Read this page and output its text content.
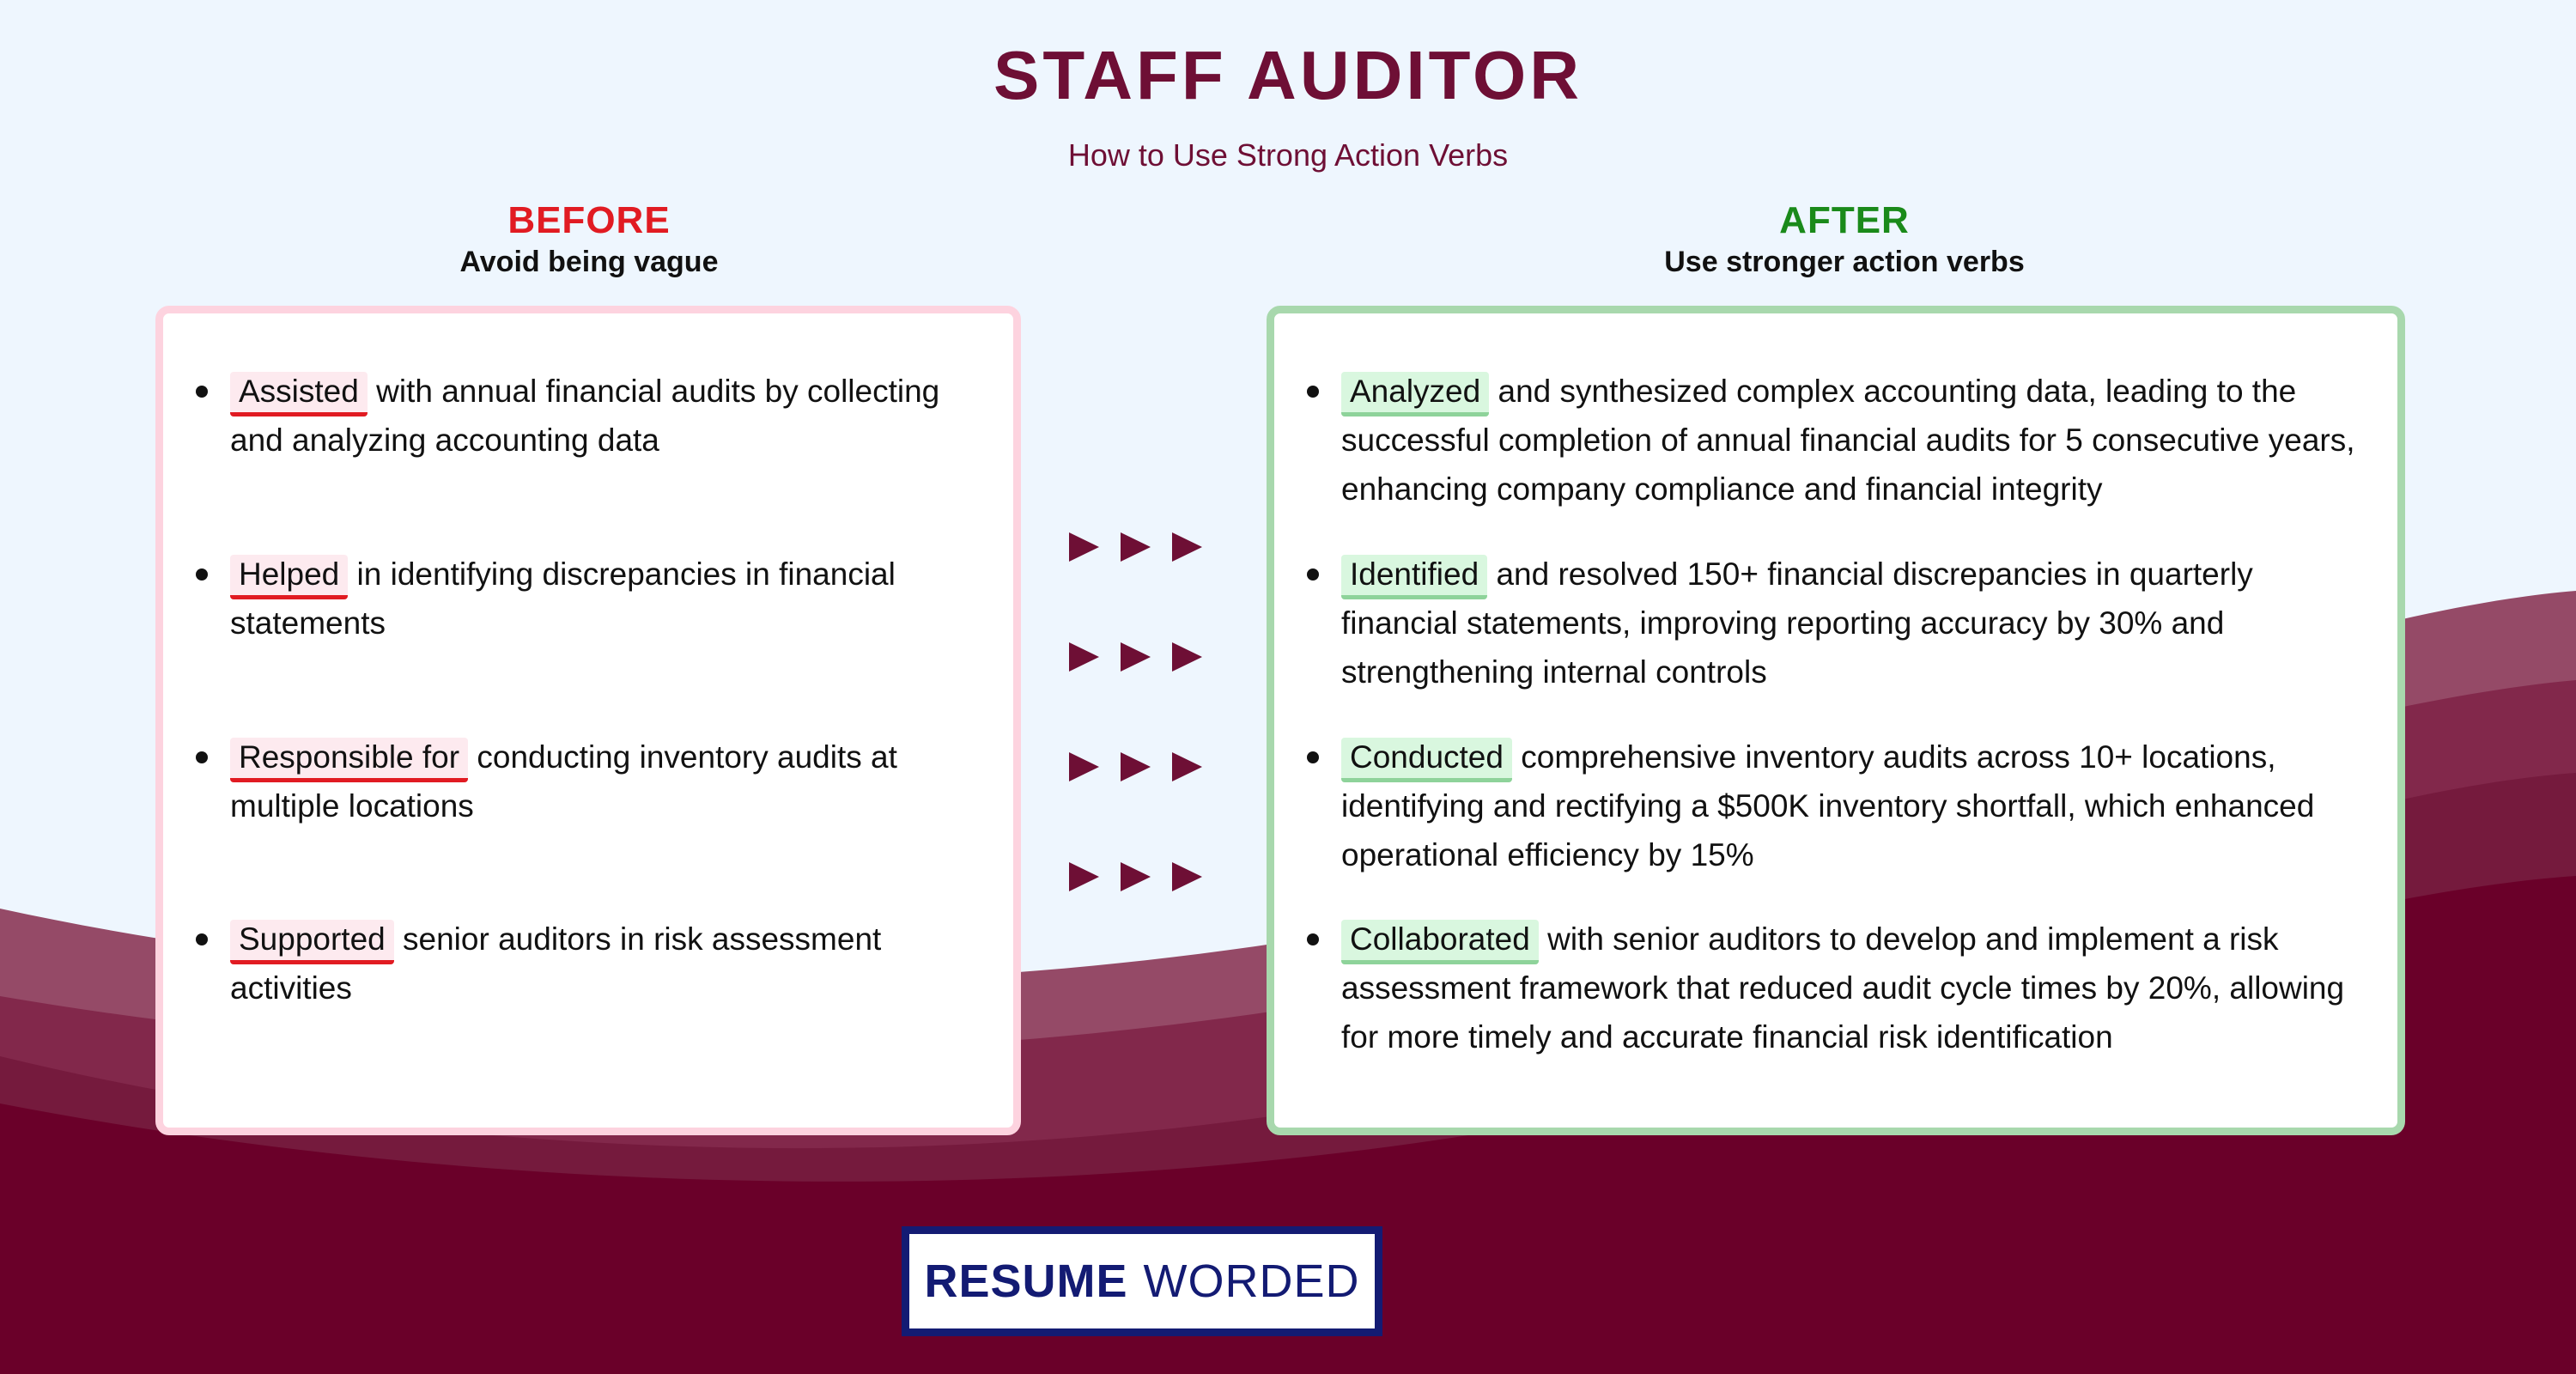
STAFF AUDITOR
How to Use Strong Action Verbs
BEFORE
Avoid being vague
AFTER
Use stronger action verbs
Assisted with annual financial audits by collecting and analyzing accounting data
Helped in identifying discrepancies in financial statements
Responsible for conducting inventory audits at multiple locations
Supported senior auditors in risk assessment activities
Analyzed and synthesized complex accounting data, leading to the successful completion of annual financial audits for 5 consecutive years, enhancing company compliance and financial integrity
Identified and resolved 150+ financial discrepancies in quarterly financial statements, improving reporting accuracy by 30% and strengthening internal controls
Conducted comprehensive inventory audits across 10+ locations, identifying and rectifying a $500K inventory shortfall, which enhanced operational efficiency by 15%
Collaborated with senior auditors to develop and implement a risk assessment framework that reduced audit cycle times by 20%, allowing for more timely and accurate financial risk identification
RESUME WORDED
